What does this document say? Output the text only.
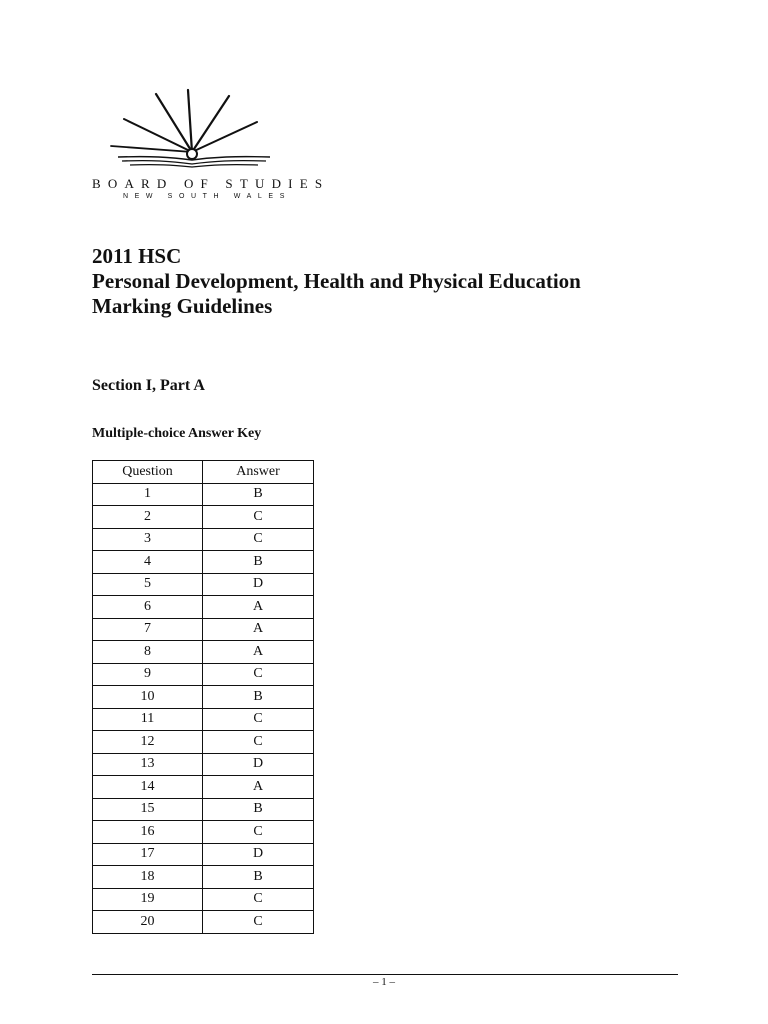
BOARD OF STUDIES
NEW SOUTH WALES
2011 HSC
Personal Development, Health and Physical Education
Marking Guidelines
Section I, Part A
Multiple-choice Answer Key
Question	Answer
1	B
2	C
3	C
4	B
5	D
6	A
7	A
8	A
9	C
10	B
11	C
12	C
13	D
14	A
15	B
16	C
17	D
18	B
19	C
20	C
– 1 –
